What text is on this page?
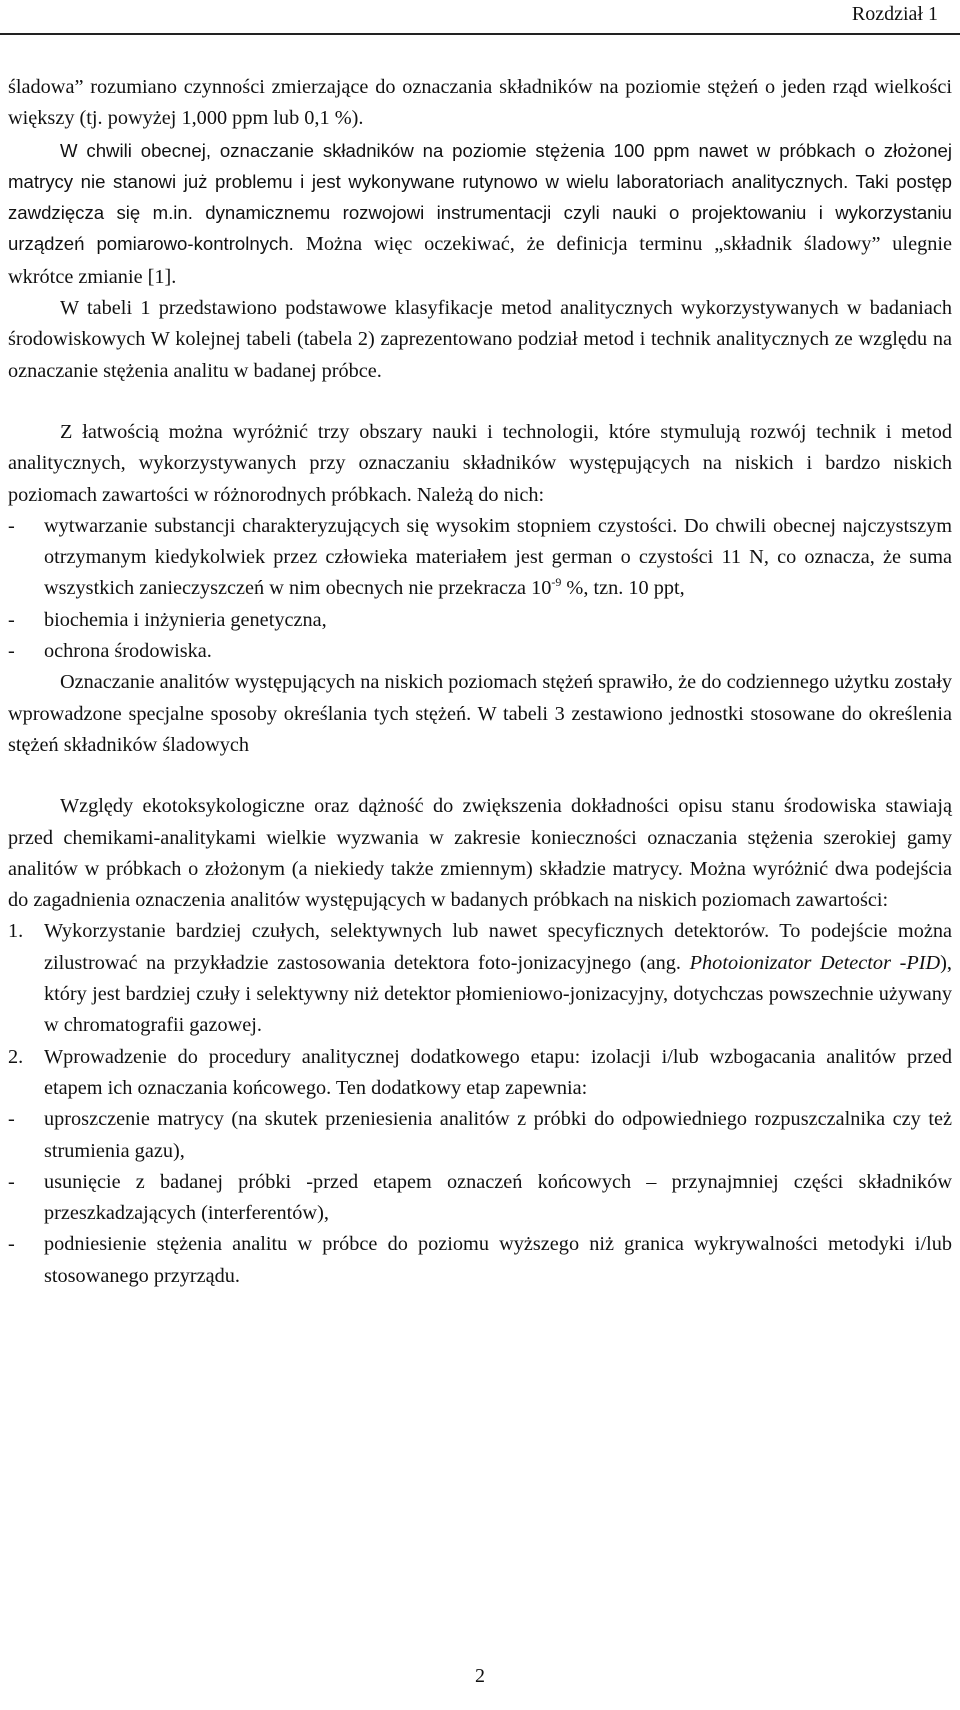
Rozdział 1

śladowa” rozumiano czynności zmierzające do oznaczania składników na poziomie stężeń o jeden rząd wielkości większy (tj. powyżej 1,000 ppm lub 0,1 %).

W chwili obecnej, oznaczanie składników na poziomie stężenia 100 ppm nawet w próbkach o złożonej matrycy nie stanowi już problemu i jest wykonywane rutynowo w wielu laboratoriach analitycznych. Taki postęp zawdzięcza się m.in. dynamicznemu rozwojowi instrumentacji czyli nauki o projektowaniu i wykorzystaniu urządzeń pomiarowo-kontrolnych. Można więc oczekiwać, że definicja terminu „składnik śladowy” ulegnie wkrótce zmianie [1].

W tabeli 1 przedstawiono podstawowe klasyfikacje metod analitycznych wykorzystywanych w badaniach środowiskowych W kolejnej tabeli (tabela 2) zaprezentowano podział metod i technik analitycznych ze względu na oznaczanie stężenia analitu w badanej próbce.

Z łatwością można wyróżnić trzy obszary nauki i technologii, które stymulują rozwój technik i metod analitycznych, wykorzystywanych przy oznaczaniu składników występujących na niskich i bardzo niskich poziomach zawartości w różnorodnych próbkach. Należą do nich:

-	wytwarzanie substancji charakteryzujących się wysokim stopniem czystości. Do chwili obecnej najczystszym otrzymanym kiedykolwiek przez człowieka materiałem jest german o czystości 11 N, co oznacza, że suma wszystkich zanieczyszczeń w nim obecnych nie przekracza $10^{-9}$ %, tzn. 10 ppt,
-	biochemia i inżynieria genetyczna,
-	ochrona środowiska.

Oznaczanie analitów występujących na niskich poziomach stężeń sprawiło, że do codziennego użytku zostały wprowadzone specjalne sposoby określania tych stężeń. W tabeli 3 zestawiono jednostki stosowane do określenia stężeń składników śladowych

Względy ekotoksykologiczne oraz dążność do zwiększenia dokładności opisu stanu środowiska stawiają przed chemikami-analitykami wielkie wyzwania w zakresie konieczności oznaczania stężenia szerokiej gamy analitów w próbkach o złożonym (a niekiedy także zmiennym) składzie matrycy. Można wyróżnić dwa podejścia do zagadnienia oznaczenia analitów występujących w badanych próbkach na niskich poziomach zawartości:

1.	Wykorzystanie bardziej czułych, selektywnych lub nawet specyficznych detektorów. To podejście można zilustrować na przykładzie zastosowania detektora foto-jonizacyjnego (ang. Photoionizator Detector -PID), który jest bardziej czuły i selektywny niż detektor płomieniowo-jonizacyjny, dotychczas powszechnie używany w chromatografii gazowej.
2.	Wprowadzenie do procedury analitycznej dodatkowego etapu: izolacji i/lub wzbogacania analitów przed etapem ich oznaczania końcowego. Ten dodatkowy etap zapewnia:
-	uproszczenie matrycy (na skutek przeniesienia analitów z próbki do odpowiedniego rozpuszczalnika czy też strumienia gazu),
-	usunięcie z badanej próbki -przed etapem oznaczeń końcowych – przynajmniej części składników przeszkadzających (interferentów),
-	podniesienie stężenia analitu w próbce do poziomu wyższego niż granica wykrywalności metodyki i/lub stosowanego przyrządu.
2
